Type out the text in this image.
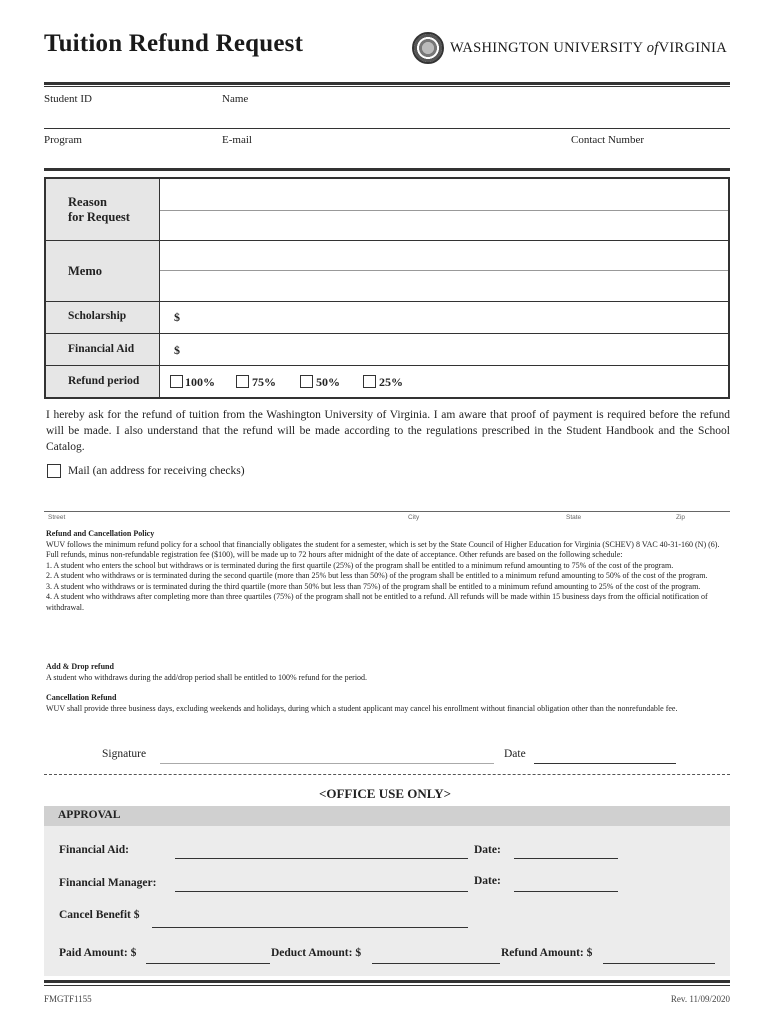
Tuition Refund Request	WASHINGTON UNIVERSITY ofVIRGINIA
Student ID	Name
Program	E-mail	Contact Number
Reason
for Request
Memo
Scholarship	$
Financial Aid	$
Refund period	100%	75%	50%	25%
I hereby ask for the refund of tuition from the Washington University of Virginia. I am aware that proof of payment is required before the refund will be made. I also understand that the refund will be made according to the regulations prescribed in the Student Handbook and the School Catalog.
Mail (an address for receiving checks)
Street	City	State	Zip
Refund and Cancellation Policy
WUV follows the minimum refund policy for a school that financially obligates the student for a semester, which is set by the State Council of Higher Education for Virginia (SCHEV) 8 VAC 40-31-160 (N) (6). Full refunds, minus non-refundable registration fee ($100), will be made up to 72 hours after midnight of the date of acceptance. Other refunds are based on the following schedule:
1. A student who enters the school but withdraws or is terminated during the first quartile (25%) of the program shall be entitled to a minimum refund amounting to 75% of the cost of the program.
2. A student who withdraws or is terminated during the second quartile (more than 25% but less than 50%) of the program shall be entitled to a minimum refund amounting to 50% of the cost of the program.
3. A student who withdraws or is terminated during the third quartile (more than 50% but less than 75%) of the program shall be entitled to a minimum refund amounting to 25% of the cost of the program.
4. A student who withdraws after completing more than three quartiles (75%) of the program shall not be entitled to a refund. All refunds will be made within 15 business days from the official notification of withdrawal.
Add & Drop refund
A student who withdraws during the add/drop period shall be entitled to 100% refund for the period.
Cancellation Refund
WUV shall provide three business days, excluding weekends and holidays, during which a student applicant may cancel his enrollment without financial obligation other than the nonrefundable fee.
Signature	Date
<OFFICE USE ONLY>
APPROVAL
Financial Aid:	Date:
Financial Manager:	Date:
Cancel Benefit $
Paid Amount: $	Deduct Amount: $	Refund Amount: $
FMGTF1155	Rev. 11/09/2020
